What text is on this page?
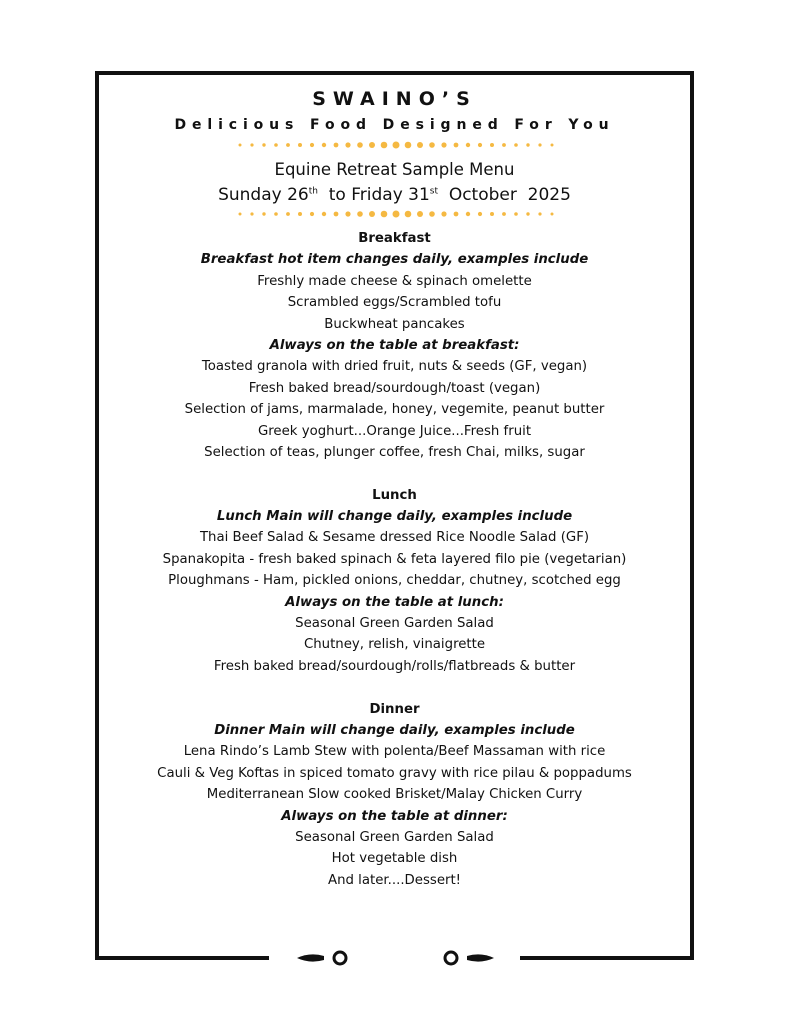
SWAINO’S
Delicious Food Designed For You
Equine Retreat Sample Menu
Sunday 26th  to Friday 31st  October  2025
Breakfast
Breakfast hot item changes daily, examples include
Freshly made cheese & spinach omelette
Scrambled eggs/Scrambled tofu
Buckwheat pancakes
Always on the table at breakfast:
Toasted granola with dried fruit, nuts & seeds (GF, vegan)
Fresh baked bread/sourdough/toast (vegan)
Selection of jams, marmalade, honey, vegemite, peanut butter
Greek yoghurt...Orange Juice...Fresh fruit
Selection of teas, plunger coffee, fresh Chai, milks, sugar
Lunch
Lunch Main will change daily, examples include
Thai Beef Salad & Sesame dressed Rice Noodle Salad (GF)
Spanakopita - fresh baked spinach & feta layered filo pie (vegetarian)
Ploughmans - Ham, pickled onions, cheddar, chutney, scotched egg
Always on the table at lunch:
Seasonal Green Garden Salad
Chutney, relish, vinaigrette
Fresh baked bread/sourdough/rolls/flatbreads & butter
Dinner
Dinner Main will change daily, examples include
Lena Rindo’s Lamb Stew with polenta/Beef Massaman with rice
Cauli & Veg Koftas in spiced tomato gravy with rice pilau & poppadums
Mediterranean Slow cooked Brisket/Malay Chicken Curry
Always on the table at dinner:
Seasonal Green Garden Salad
Hot vegetable dish
And later....Dessert!
